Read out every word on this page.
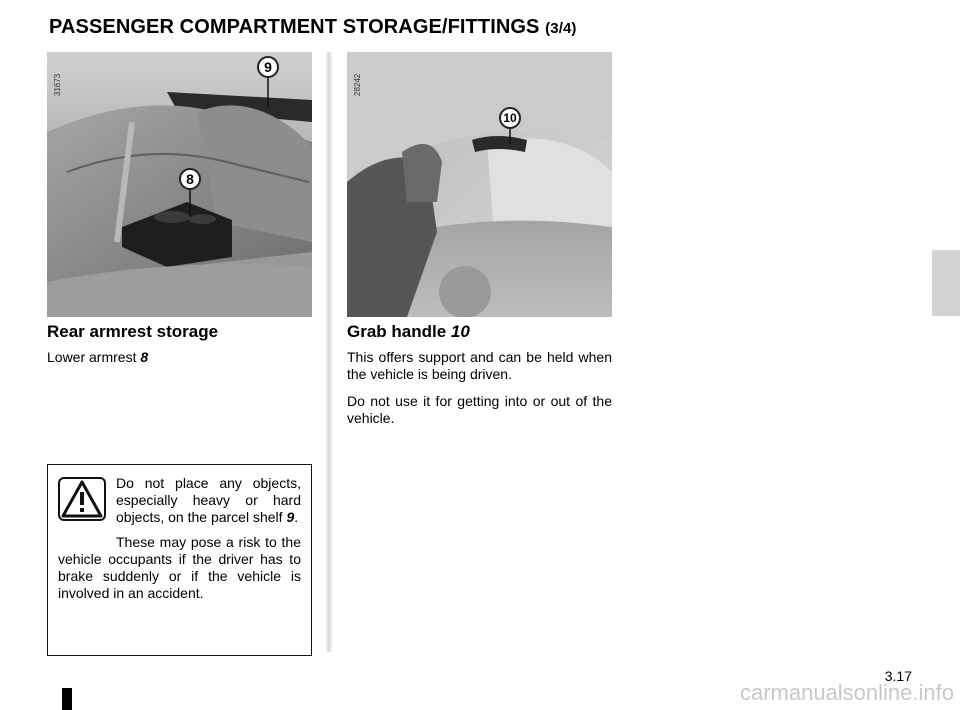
PASSENGER COMPARTMENT STORAGE/FITTINGS (3/4)
31673
9
8
28242
10
Rear armrest storage
Lower armrest 8
Grab handle 10

This offers support and can be held when the vehicle is being driven.

Do not use it for getting into or out of the vehicle.

Do not place any objects, especially heavy or hard objects, on the parcel shelf 9.

These may pose a risk to the vehicle occupants if the driver has to brake suddenly or if the vehicle is involved in an accident.

3.17
carmanualsonline.info
